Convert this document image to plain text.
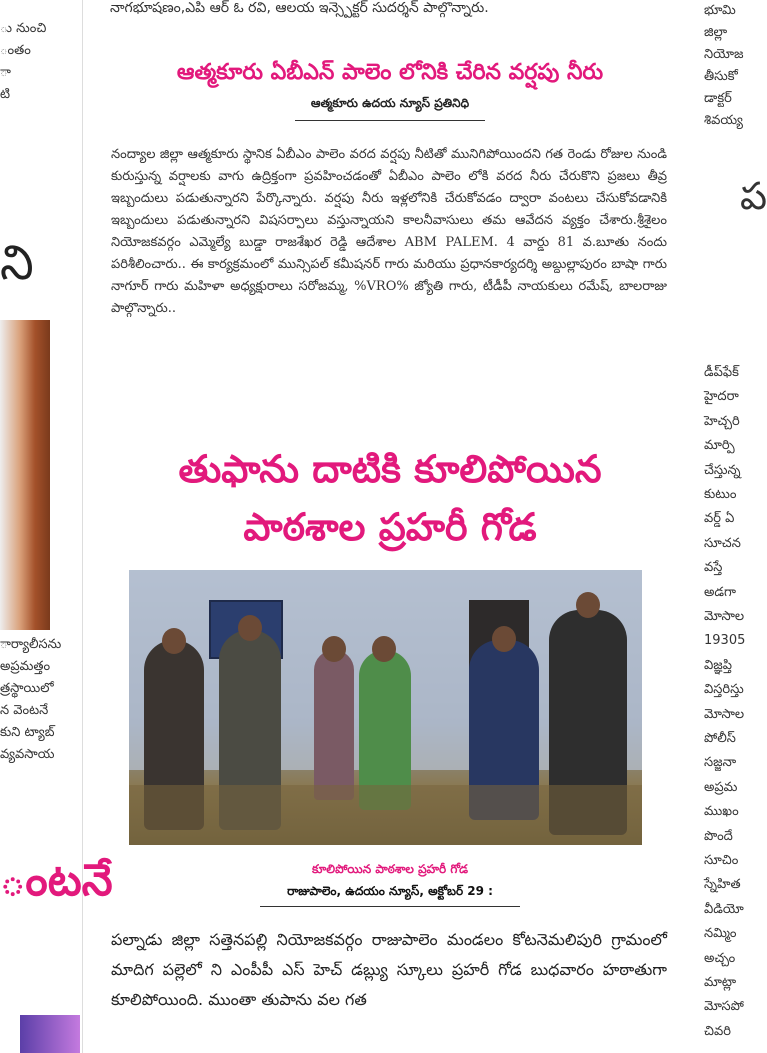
ు నుంచి
ంతం
ా
టి
ని
ార్యాలీసను
అప్రమత్తం
త్రస్థాయిలో
న వెంటనే
కుని ట్యాబ్
వ్యవసాయ
ంటనే
నాగభూషణం,ఎపి ఆర్ ఓ రవి, ఆలయ ఇన్స్పెక్టర్ సుదర్శన్ పాల్గొన్నారు.
ఆత్మకూరు ఏబీఎన్ పాలెం లోనికి చేరిన వర్షపు నీరు
ఆత్మకూరు ఉదయ న్యూస్ ప్రతినిధి
నంద్యాల జిల్లా ఆత్మకూరు స్థానిక ఏబీఎం పాలెం వరద వర్షపు నీటితో మునిగిపోయిందని గత రెండు రోజుల నుండి కురుస్తున్న వర్షాలకు వాగు ఉద్రిక్తంగా ప్రవహించడంతో ఏబీఎం పాలెం లోకి వరద నీరు చేరుకొని ప్రజలు తీవ్ర ఇబ్బందులు పడుతున్నారని పేర్కొన్నారు. వర్షపు నీరు ఇళ్లలోనికి చేరుకోవడం ద్వారా వంటలు చేసుకోవడానికి ఇబ్బందులు పడుతున్నారని విషసర్పాలు వస్తున్నాయని కాలనీవాసులు తమ ఆవేదన వ్యక్తం చేశారు.శ్రీశైలం నియోజకవర్గం ఎమ్మెల్యే బుడ్డా రాజశేఖర రెడ్డి ఆదేశాల ABM PALEM. 4 వార్డు 81 వ.బూతు నందు పరిశీలించారు.. ఈ కార్యక్రమంలో మున్సిపల్ కమీషనర్ గారు మరియు ప్రధానకార్యదర్శి అబ్దుల్లాపురం బాషా గారు నాగూర్ గారు మహిళా అధ్యక్షురాలు సరోజమ్మ, %VRO% జ్యోతి గారు, టీడీపీ నాయకులు రమేష్, బాలరాజు పాల్గొన్నారు..
తుఫాను దాటికి కూలిపోయిన
పాఠశాల ప్రహరీ గోడ
కూలిపోయిన పాఠశాల ప్రహరీ గోడ
రాజుపాలెం, ఉదయం న్యూస్, అక్టోబర్ 29 :
పల్నాడు జిల్లా సత్తెనపల్లి నియోజకవర్గం రాజుపాలెం మండలం కోటనెమలిపురి గ్రామంలో మాదిగ పల్లెలో ని ఎంపీపీ ఎస్ హెచ్ డబ్ల్యు స్కూలు ప్రహరీ గోడ బుధవారం హఠాతుగా కూలిపోయింది. ముంతా తుపాను వల గత
భూమి
జిల్లా
నియోజ
తీసుకో
డాక్టర్
శివయ్య
ప
డీప్‌ఫేక్
హైదరా
హెచ్చరి
మార్పి
చేస్తున్న
కుటుం
వర్డ్ ఏ
సూచన
వస్తే
అడగా
మోసాల
19305
విజ్ఞప్తి
విస్తరిస్తు
మోసాల
పోలీస్
సజ్జనా
అప్రమ
ముఖం
పొందే
సూచిం
స్నేహిత
వీడియో
నమ్మిం
అచ్చం
మాట్లా
మోసపో
చివరి
